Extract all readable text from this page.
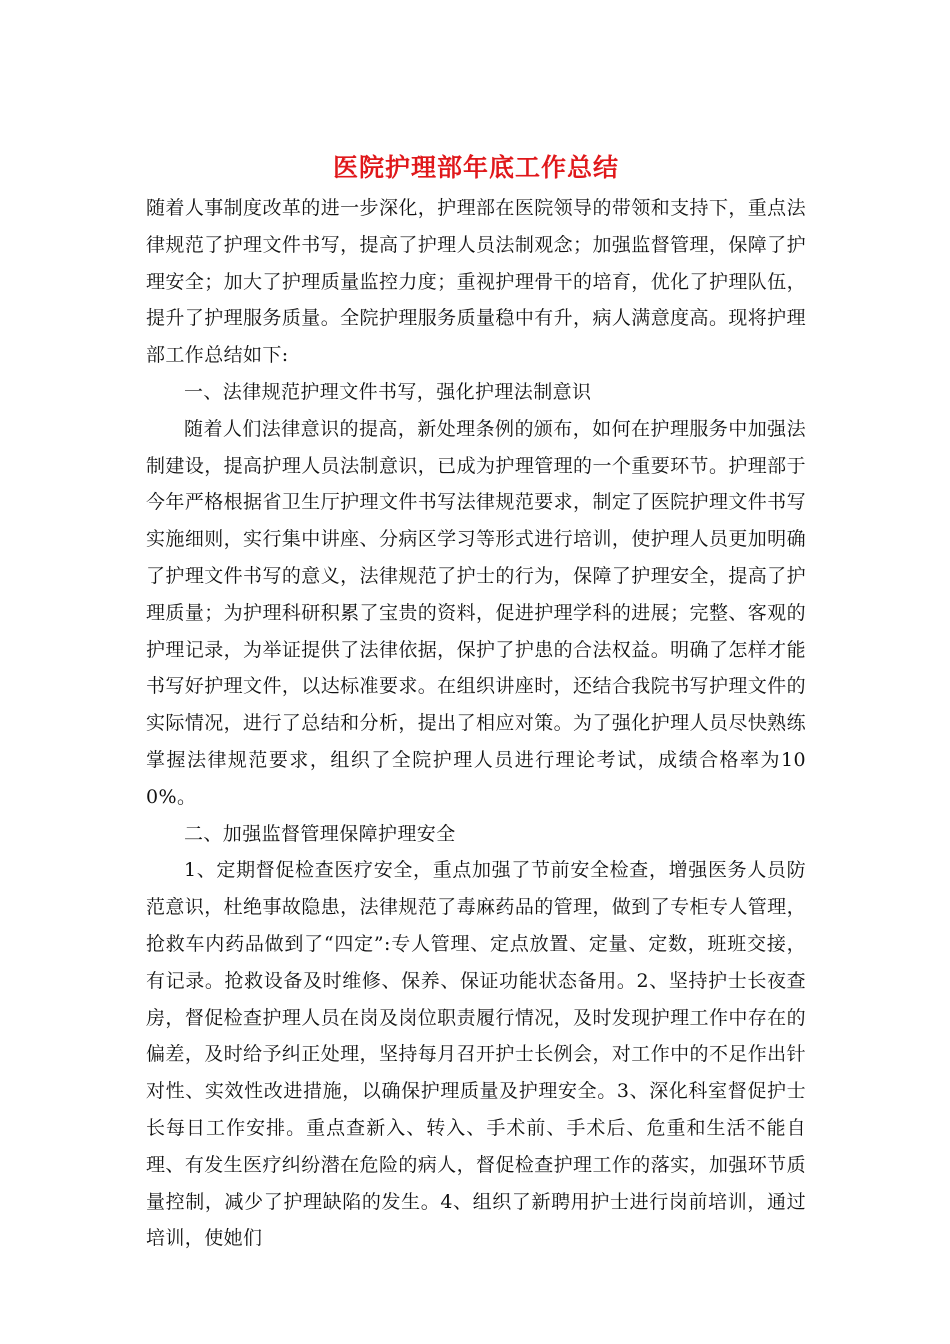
医院护理部年底工作总结

随着人事制度改革的进一步深化，护理部在医院领导的带领和支持下，重点法律规范了护理文件书写，提高了护理人员法制观念；加强监督管理，保障了护理安全；加大了护理质量监控力度；重视护理骨干的培育，优化了护理队伍，提升了护理服务质量。全院护理服务质量稳中有升，病人满意度高。现将护理部工作总结如下:

一、法律规范护理文件书写，强化护理法制意识

随着人们法律意识的提高，新处理条例的颁布，如何在护理服务中加强法制建设，提高护理人员法制意识，已成为护理管理的一个重要环节。护理部于今年严格根据省卫生厅护理文件书写法律规范要求，制定了医院护理文件书写实施细则，实行集中讲座、分病区学习等形式进行培训，使护理人员更加明确了护理文件书写的意义，法律规范了护士的行为，保障了护理安全，提高了护理质量；为护理科研积累了宝贵的资料，促进护理学科的进展；完整、客观的护理记录，为举证提供了法律依据，保护了护患的合法权益。明确了怎样才能书写好护理文件，以达标准要求。在组织讲座时，还结合我院书写护理文件的实际情况，进行了总结和分析，提出了相应对策。为了强化护理人员尽快熟练掌握法律规范要求，组织了全院护理人员进行理论考试，成绩合格率为100%。

二、加强监督管理保障护理安全

1、定期督促检查医疗安全，重点加强了节前安全检查，增强医务人员防范意识，杜绝事故隐患，法律规范了毒麻药品的管理，做到了专柜专人管理，抢救车内药品做到了“四定”:专人管理、定点放置、定量、定数，班班交接，有记录。抢救设备及时维修、保养、保证功能状态备用。2、坚持护士长夜查房，督促检查护理人员在岗及岗位职责履行情况，及时发现护理工作中存在的偏差，及时给予纠正处理，坚持每月召开护士长例会，对工作中的不足作出针对性、实效性改进措施，以确保护理质量及护理安全。3、深化科室督促护士长每日工作安排。重点查新入、转入、手术前、手术后、危重和生活不能自理、有发生医疗纠纷潜在危险的病人，督促检查护理工作的落实，加强环节质量控制，减少了护理缺陷的发生。4、组织了新聘用护士进行岗前培训，通过培训，使她们
